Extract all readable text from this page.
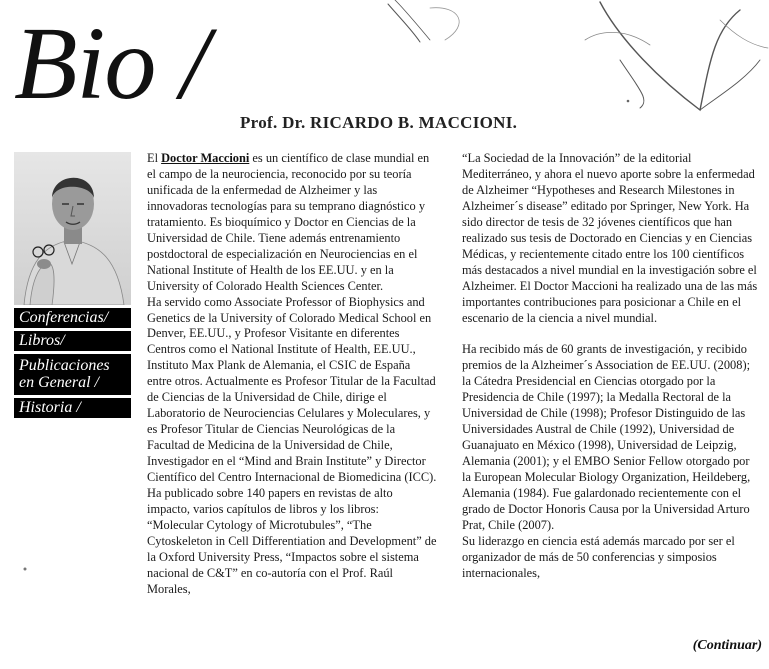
Bio /
Prof. Dr. RICARDO B. MACCIONI.
Conferencias/
Libros/
Publicaciones
en General /
Historia /

El Doctor Maccioni es un científico de clase mundial en el campo de la neurociencia, reconocido por su teoría unificada de la enfermedad de Alzheimer y las innovadoras tecnologías para su temprano diagnóstico y tratamiento. Es bioquímico y Doctor en Ciencias de la Universidad de Chile. Tiene además entrenamiento postdoctoral de especialización en Neurociencias en el National Institute of Health de los EE.UU. y en la University of Colorado Health Sciences Center.

Ha servido como Associate Professor of Biophysics and Genetics de la University of Colorado Medical School en Denver, EE.UU., y Profesor Visitante en diferentes Centros como el National Institute of Health, EE.UU., Instituto Max Plank de Alemania, el CSIC de España entre otros. Actualmente es Profesor Titular de la Facultad de Ciencias de la Universidad de Chile, dirige el Laboratorio de Neurociencias Celulares y Moleculares, y es Profesor Titular de Ciencias Neurológicas de la Facultad de Medicina de la Universidad de Chile, Investigador en el “Mind and Brain Institute” y Director Científico del Centro Internacional de Biomedicina (ICC).

Ha publicado sobre 140 papers en revistas de alto impacto, varios capítulos de libros y los libros: “Molecular Cytology of Microtubules”, “The Cytoskeleton in Cell Differentiation and Development” de la Oxford University Press, “Impactos sobre el sistema nacional de C&T” en co-autoría con el Prof. Raúl Morales,

“La Sociedad de la Innovación” de la editorial Mediterráneo, y ahora el nuevo aporte sobre la enfermedad de Alzheimer “Hypotheses and Research Milestones in Alzheimer´s disease” editado por Springer, New York. Ha sido director de tesis de 32 jóvenes científicos que han realizado sus tesis de Doctorado en Ciencias y en Ciencias Médicas, y recientemente citado entre los 100 científicos más destacados a nivel mundial en la investigación sobre el Alzheimer. El Doctor Maccioni ha realizado una de las más importantes contribuciones para posicionar a Chile en el escenario de la ciencia a nivel mundial.

Ha recibido más de 60 grants de investigación, y recibido premios de la Alzheimer´s Association de EE.UU. (2008); la Cátedra Presidencial en Ciencias otorgado por la Presidencia de Chile (1997); la Medalla Rectoral de la Universidad de Chile (1998); Profesor Distinguido de las Universidades Austral de Chile (1992), Universidad de Guanajuato en México (1998), Universidad de Leipzig, Alemania (2001); y el EMBO Senior Fellow otorgado por la European Molecular Biology Organization, Heildeberg, Alemania (1984). Fue galardonado recientemente con el grado de Doctor Honoris Causa por la Universidad Arturo Prat, Chile (2007).

Su liderazgo en ciencia está además marcado por ser el organizador de más de 50 conferencias y simposios internacionales,

(Continuar)
